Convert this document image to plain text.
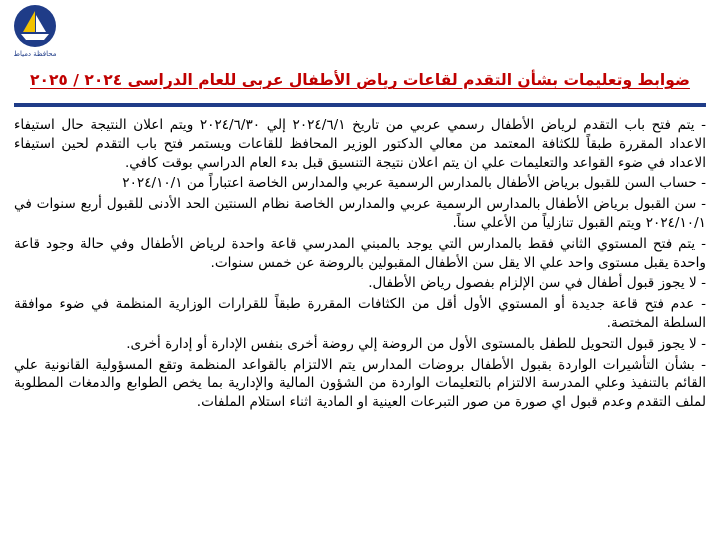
محافظة دمياط
ضوابط وتعليمات بشأن التقدم لقاعات رياض الأطفال عربى للعام الدراسى ٢٠٢٤ / ٢٠٢٥
- يتم فتح باب التقدم لرياض الأطفال رسمي عربي من تاريخ ٢٠٢٤/٦/١ إلي ٢٠٢٤/٦/٣٠ ويتم اعلان النتيجة حال استيفاء الاعداد المقررة طبقاً للكثافة المعتمد من معالي الدكتور الوزير المحافظ للقاعات ويستمر فتح باب التقدم لحين استيفاء الاعداد في ضوء القواعد والتعليمات علي ان يتم اعلان نتيجة التنسيق قبل بدء العام الدراسي بوقت كافي.
- حساب السن للقبول برياض الأطفال بالمدارس الرسمية عربي والمدارس الخاصة اعتباراً من ٢٠٢٤/١٠/١
- سن القبول برياض الأطفال بالمدارس الرسمية عربي والمدارس الخاصة نظام السنتين الحد الأدنى للقبول أربع سنوات في ٢٠٢٤/١٠/١ ويتم القبول تنازلياً من الأعلي سناً.
- يتم فتح المستوي الثاني فقط بالمدارس التي يوجد بالمبني المدرسي قاعة واحدة لرياض الأطفال وفي حالة وجود قاعة واحدة يقبل مستوى واحد علي الا يقل سن الأطفال المقبولين بالروضة عن خمس سنوات.
- لا يجوز قبول أطفال في سن الإلزام بفصول رياض الأطفال.
- عدم فتح قاعة جديدة أو المستوي الأول أقل من الكثافات المقررة طبقاً للقرارات الوزارية المنظمة في ضوء موافقة السلطة المختصة.
- لا يجوز قبول التحويل للطفل بالمستوى الأول من الروضة إلي روضة أخرى بنفس الإدارة أو إدارة أخرى.
- بشأن التأشيرات الواردة بقبول الأطفال بروضات المدارس يتم الالتزام بالقواعد المنظمة وتقع المسؤولية القانونية علي القائم بالتنفيذ وعلي المدرسة الالتزام بالتعليمات الواردة من الشؤون المالية والإدارية بما يخص الطوابع والدمغات المطلوبة لملف التقدم وعدم قبول اي صورة من صور التبرعات العينية او المادية اثناء استلام الملفات.
